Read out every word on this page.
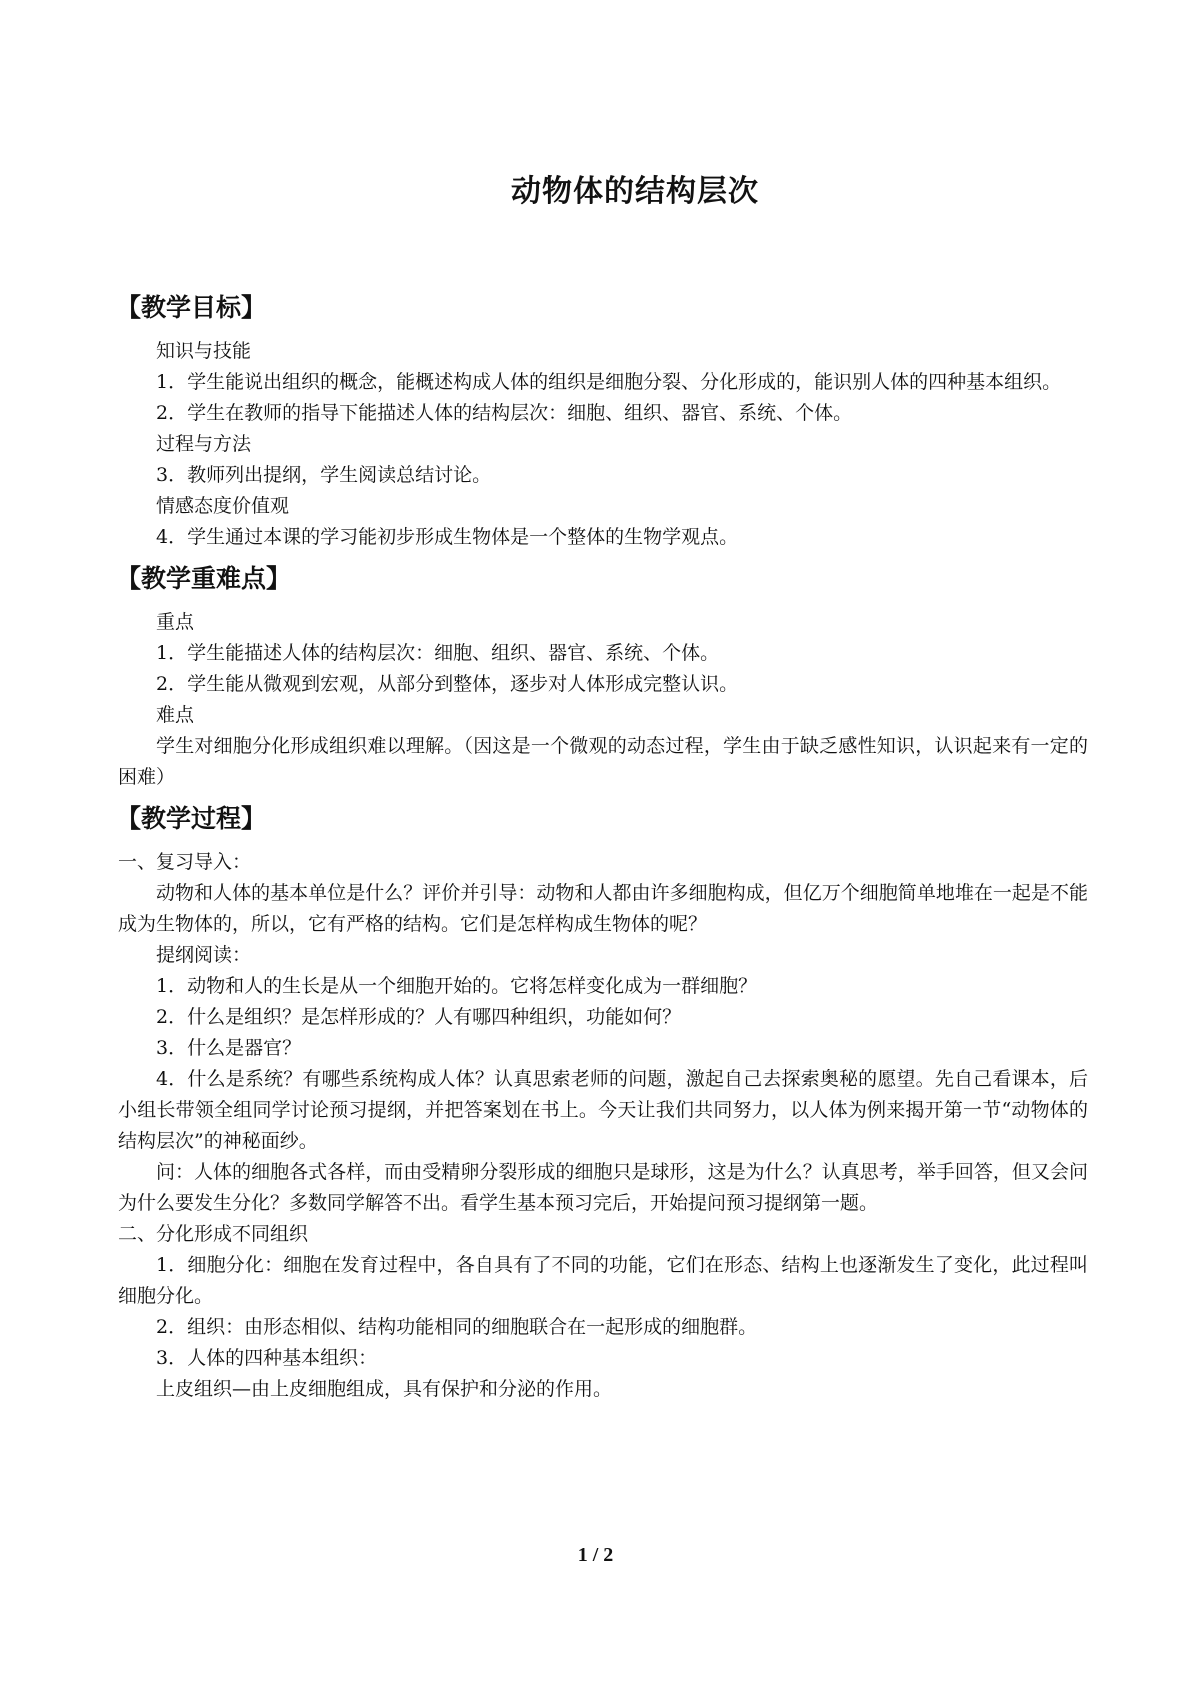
动物体的结构层次
【教学目标】

知识与技能

1．学生能说出组织的概念，能概述构成人体的组织是细胞分裂、分化形成的，能识别人体的四种基本组织。

2．学生在教师的指导下能描述人体的结构层次：细胞、组织、器官、系统、个体。

过程与方法

3．教师列出提纲，学生阅读总结讨论。

情感态度价值观

4．学生通过本课的学习能初步形成生物体是一个整体的生物学观点。

【教学重难点】

重点

1．学生能描述人体的结构层次：细胞、组织、器官、系统、个体。

2．学生能从微观到宏观，从部分到整体，逐步对人体形成完整认识。

难点

学生对细胞分化形成组织难以理解。（因这是一个微观的动态过程，学生由于缺乏感性知识，认识起来有一定的困难）

【教学过程】

一、复习导入：

动物和人体的基本单位是什么？评价并引导：动物和人都由许多细胞构成，但亿万个细胞简单地堆在一起是不能成为生物体的，所以，它有严格的结构。它们是怎样构成生物体的呢？

提纲阅读：

1．动物和人的生长是从一个细胞开始的。它将怎样变化成为一群细胞？

2．什么是组织？是怎样形成的？人有哪四种组织，功能如何？

3．什么是器官？

4．什么是系统？有哪些系统构成人体？认真思索老师的问题，激起自己去探索奥秘的愿望。先自己看课本，后小组长带领全组同学讨论预习提纲，并把答案划在书上。今天让我们共同努力，以人体为例来揭开第一节“动物体的结构层次”的神秘面纱。

问：人体的细胞各式各样，而由受精卵分裂形成的细胞只是球形，这是为什么？认真思考，举手回答，但又会问为什么要发生分化？多数同学解答不出。看学生基本预习完后，开始提问预习提纲第一题。

二、分化形成不同组织

1．细胞分化：细胞在发育过程中，各自具有了不同的功能，它们在形态、结构上也逐渐发生了变化，此过程叫细胞分化。

2．组织：由形态相似、结构功能相同的细胞联合在一起形成的细胞群。

3．人体的四种基本组织：

上皮组织—由上皮细胞组成，具有保护和分泌的作用。

1 / 2
